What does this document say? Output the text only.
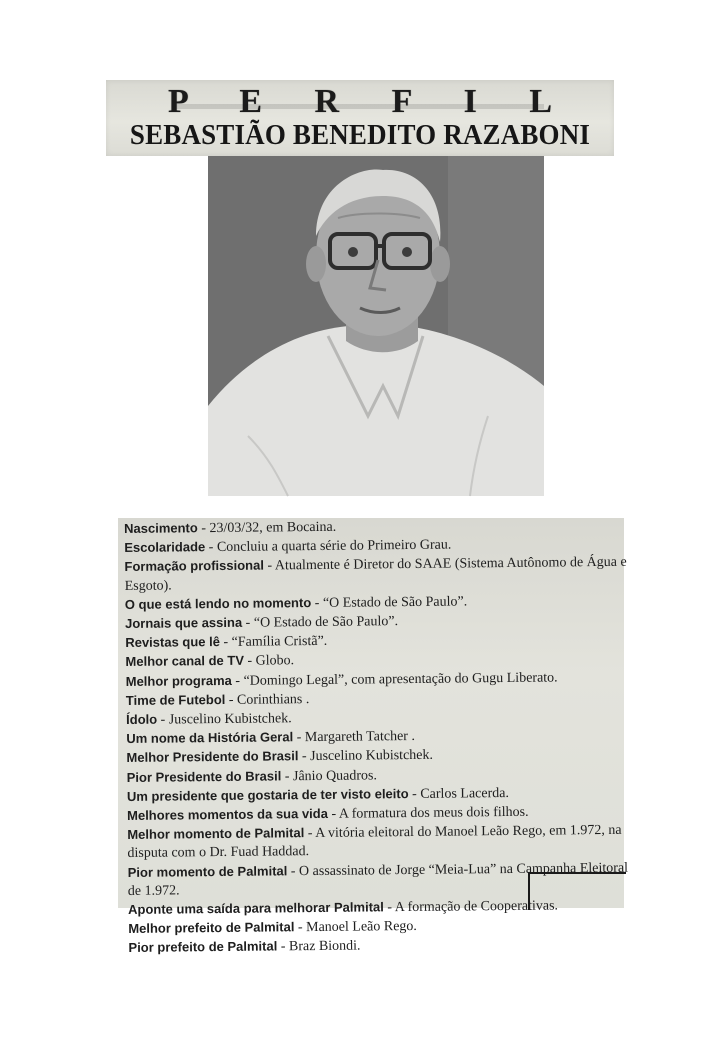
P E R F I L
SEBASTIÃO BENEDITO RAZABONI
Nascimento - 23/03/32, em Bocaina.
Escolaridade - Concluiu a quarta série do Primeiro Grau.
Formação profissional - Atualmente é Diretor do SAAE (Sistema Autônomo de Água e
Esgoto).
O que está lendo no momento - “O Estado de São Paulo”.
Jornais que assina - “O Estado de São Paulo”.
Revistas que lê - “Família Cristã”.
Melhor canal de TV - Globo.
Melhor programa - “Domingo Legal”, com apresentação do Gugu Liberato.
Time de Futebol - Corinthians .
Ídolo - Juscelino Kubistchek.
Um nome da História Geral - Margareth Tatcher .
Melhor Presidente do Brasil - Juscelino Kubistchek.
Pior Presidente do Brasil - Jânio Quadros.
Um presidente que gostaria de ter visto eleito - Carlos Lacerda.
Melhores momentos da sua vida - A formatura dos meus dois filhos.
Melhor momento de Palmital - A vitória eleitoral do Manoel Leão Rego, em 1.972, na
disputa com o Dr. Fuad Haddad.
Pior momento de Palmital - O assassinato de Jorge “Meia-Lua” na Campanha Eleitoral
de 1.972.
Aponte uma saída para melhorar Palmital - A formação de Cooperativas.
Melhor prefeito de Palmital - Manoel Leão Rego.
Pior prefeito de Palmital - Braz Biondi.
